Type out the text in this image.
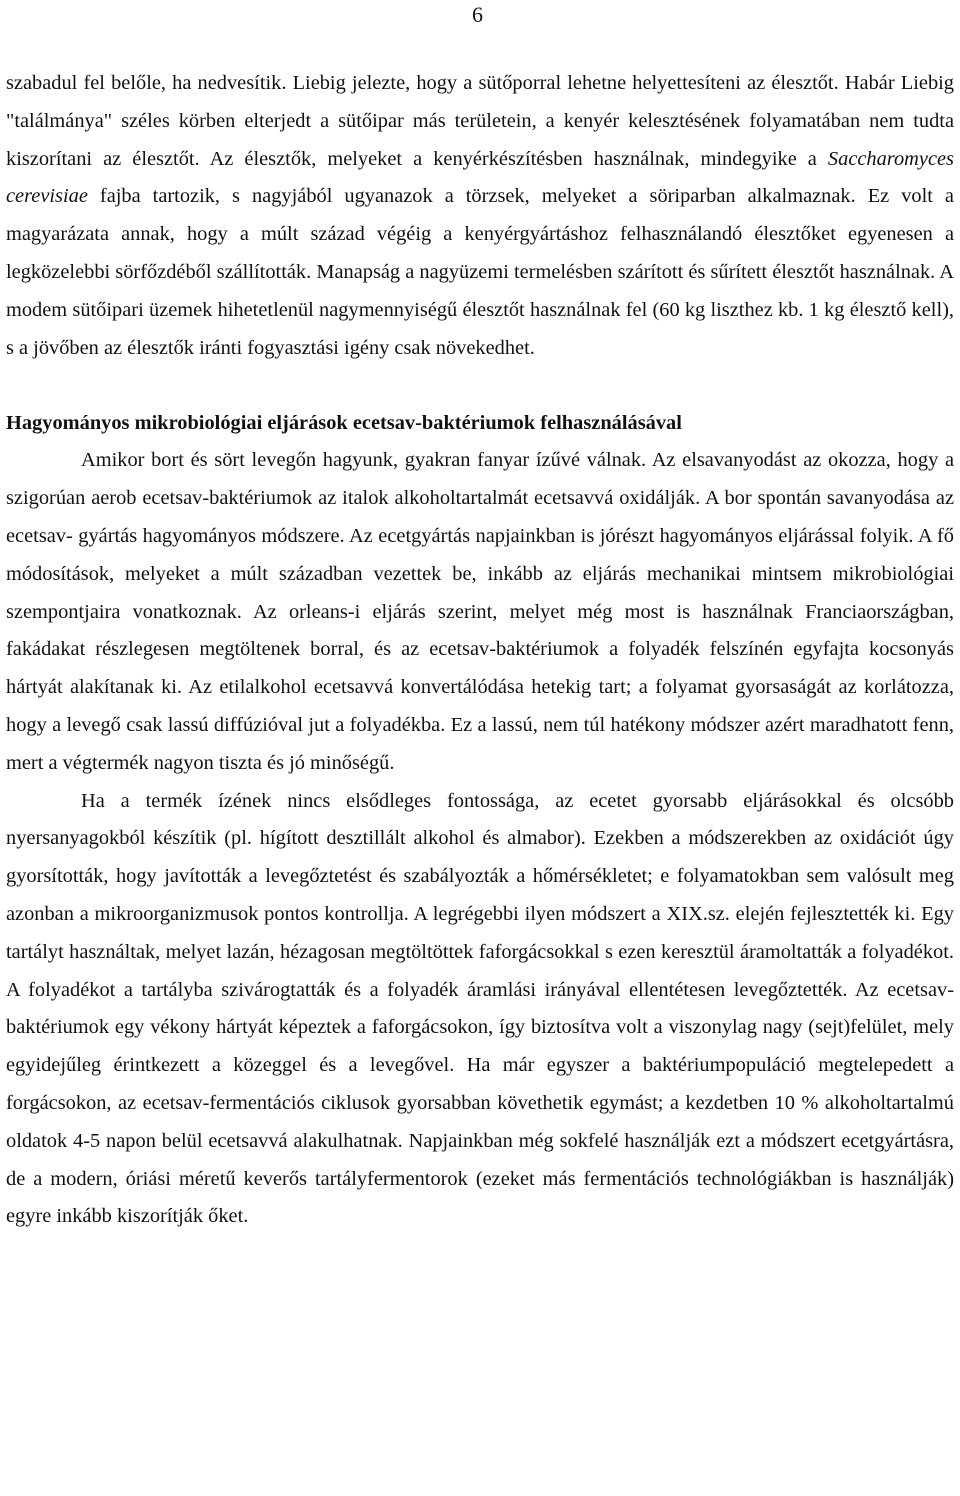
6

szabadul fel belőle, ha nedvesítik. Liebig jelezte, hogy a sütőporral lehetne helyettesíteni az élesztőt. Habár Liebig "találmánya" széles körben elterjedt a sütőipar más területein, a kenyér kelesztésének folyamatában nem tudta kiszorítani az élesztőt. Az élesztők, melyeket a kenyérkészítésben használnak, mindegyike a Saccharomyces cerevisiae fajba tartozik, s nagyjából ugyanazok a törzsek, melyeket a söriparban alkalmaznak. Ez volt a magyarázata annak, hogy a múlt század végéig a kenyérgyártáshoz felhasználandó élesztőket egyenesen a legközelebbi sörfőzdéből szállították. Manapság a nagyüzemi termelésben szárított és sűrített élesztőt használnak. A modem sütőipari üzemek hihetetlenül nagymennyiségű élesztőt használnak fel (60 kg liszthez kb. 1 kg élesztő kell), s a jövőben az élesztők iránti fogyasztási igény csak növekedhet.

Hagyományos mikrobiológiai eljárások ecetsav-baktériumok felhasználásával

Amikor bort és sört levegőn hagyunk, gyakran fanyar ízűvé válnak. Az elsavanyodást az okozza, hogy a szigorúan aerob ecetsav-baktériumok az italok alkoholtartalmát ecetsavvá oxidálják. A bor spontán savanyodása az ecetsav- gyártás hagyományos módszere. Az ecetgyártás napjainkban is jórészt hagyományos eljárással folyik. A fő módosítások, melyeket a múlt században vezettek be, inkább az eljárás mechanikai mintsem mikrobiológiai szempontjaira vonatkoznak. Az orleans-i eljárás szerint, melyet még most is használnak Franciaországban, fakádakat részlegesen megtöltenek borral, és az ecetsav-baktériumok a folyadék felszínén egyfajta kocsonyás hártyát alakítanak ki. Az etilalkohol ecetsavvá konvertálódása hetekig tart; a folyamat gyorsaságát az korlátozza, hogy a levegő csak lassú diffúzióval jut a folyadékba. Ez a lassú, nem túl hatékony módszer azért maradhatott fenn, mert a végtermék nagyon tiszta és jó minőségű.

Ha a termék ízének nincs elsődleges fontossága, az ecetet gyorsabb eljárásokkal és olcsóbb nyersanyagokból készítik (pl. hígított desztillált alkohol és almabor). Ezekben a módszerekben az oxidációt úgy gyorsították, hogy javították a levegőztetést és szabályozták a hőmérsékletet; e folyamatokban sem valósult meg azonban a mikroorganizmusok pontos kontrollja. A legrégebbi ilyen módszert a XIX.sz. elején fejlesztették ki. Egy tartályt használtak, melyet lazán, hézagosan megtöltöttek faforgácsokkal s ezen keresztül áramoltatták a folyadékot. A folyadékot a tartályba szivárogtatták és a folyadék áramlási irányával ellentétesen levegőztették. Az ecetsav- baktériumok egy vékony hártyát képeztek a faforgácsokon, így biztosítva volt a viszonylag nagy (sejt)felület, mely egyidejűleg érintkezett a közeggel és a levegővel. Ha már egyszer a baktériumpopuláció megtelepedett a forgácsokon, az ecetsav-fermentációs ciklusok gyorsabban követhetik egymást; a kezdetben 10 % alkoholtartalmú oldatok 4-5 napon belül ecetsavvá alakulhatnak. Napjainkban még sokfelé használják ezt a módszert ecetgyártásra, de a modern, óriási méretű keverős tartályfermentorok (ezeket más fermentációs technológiákban is használják) egyre inkább kiszorítják őket.
